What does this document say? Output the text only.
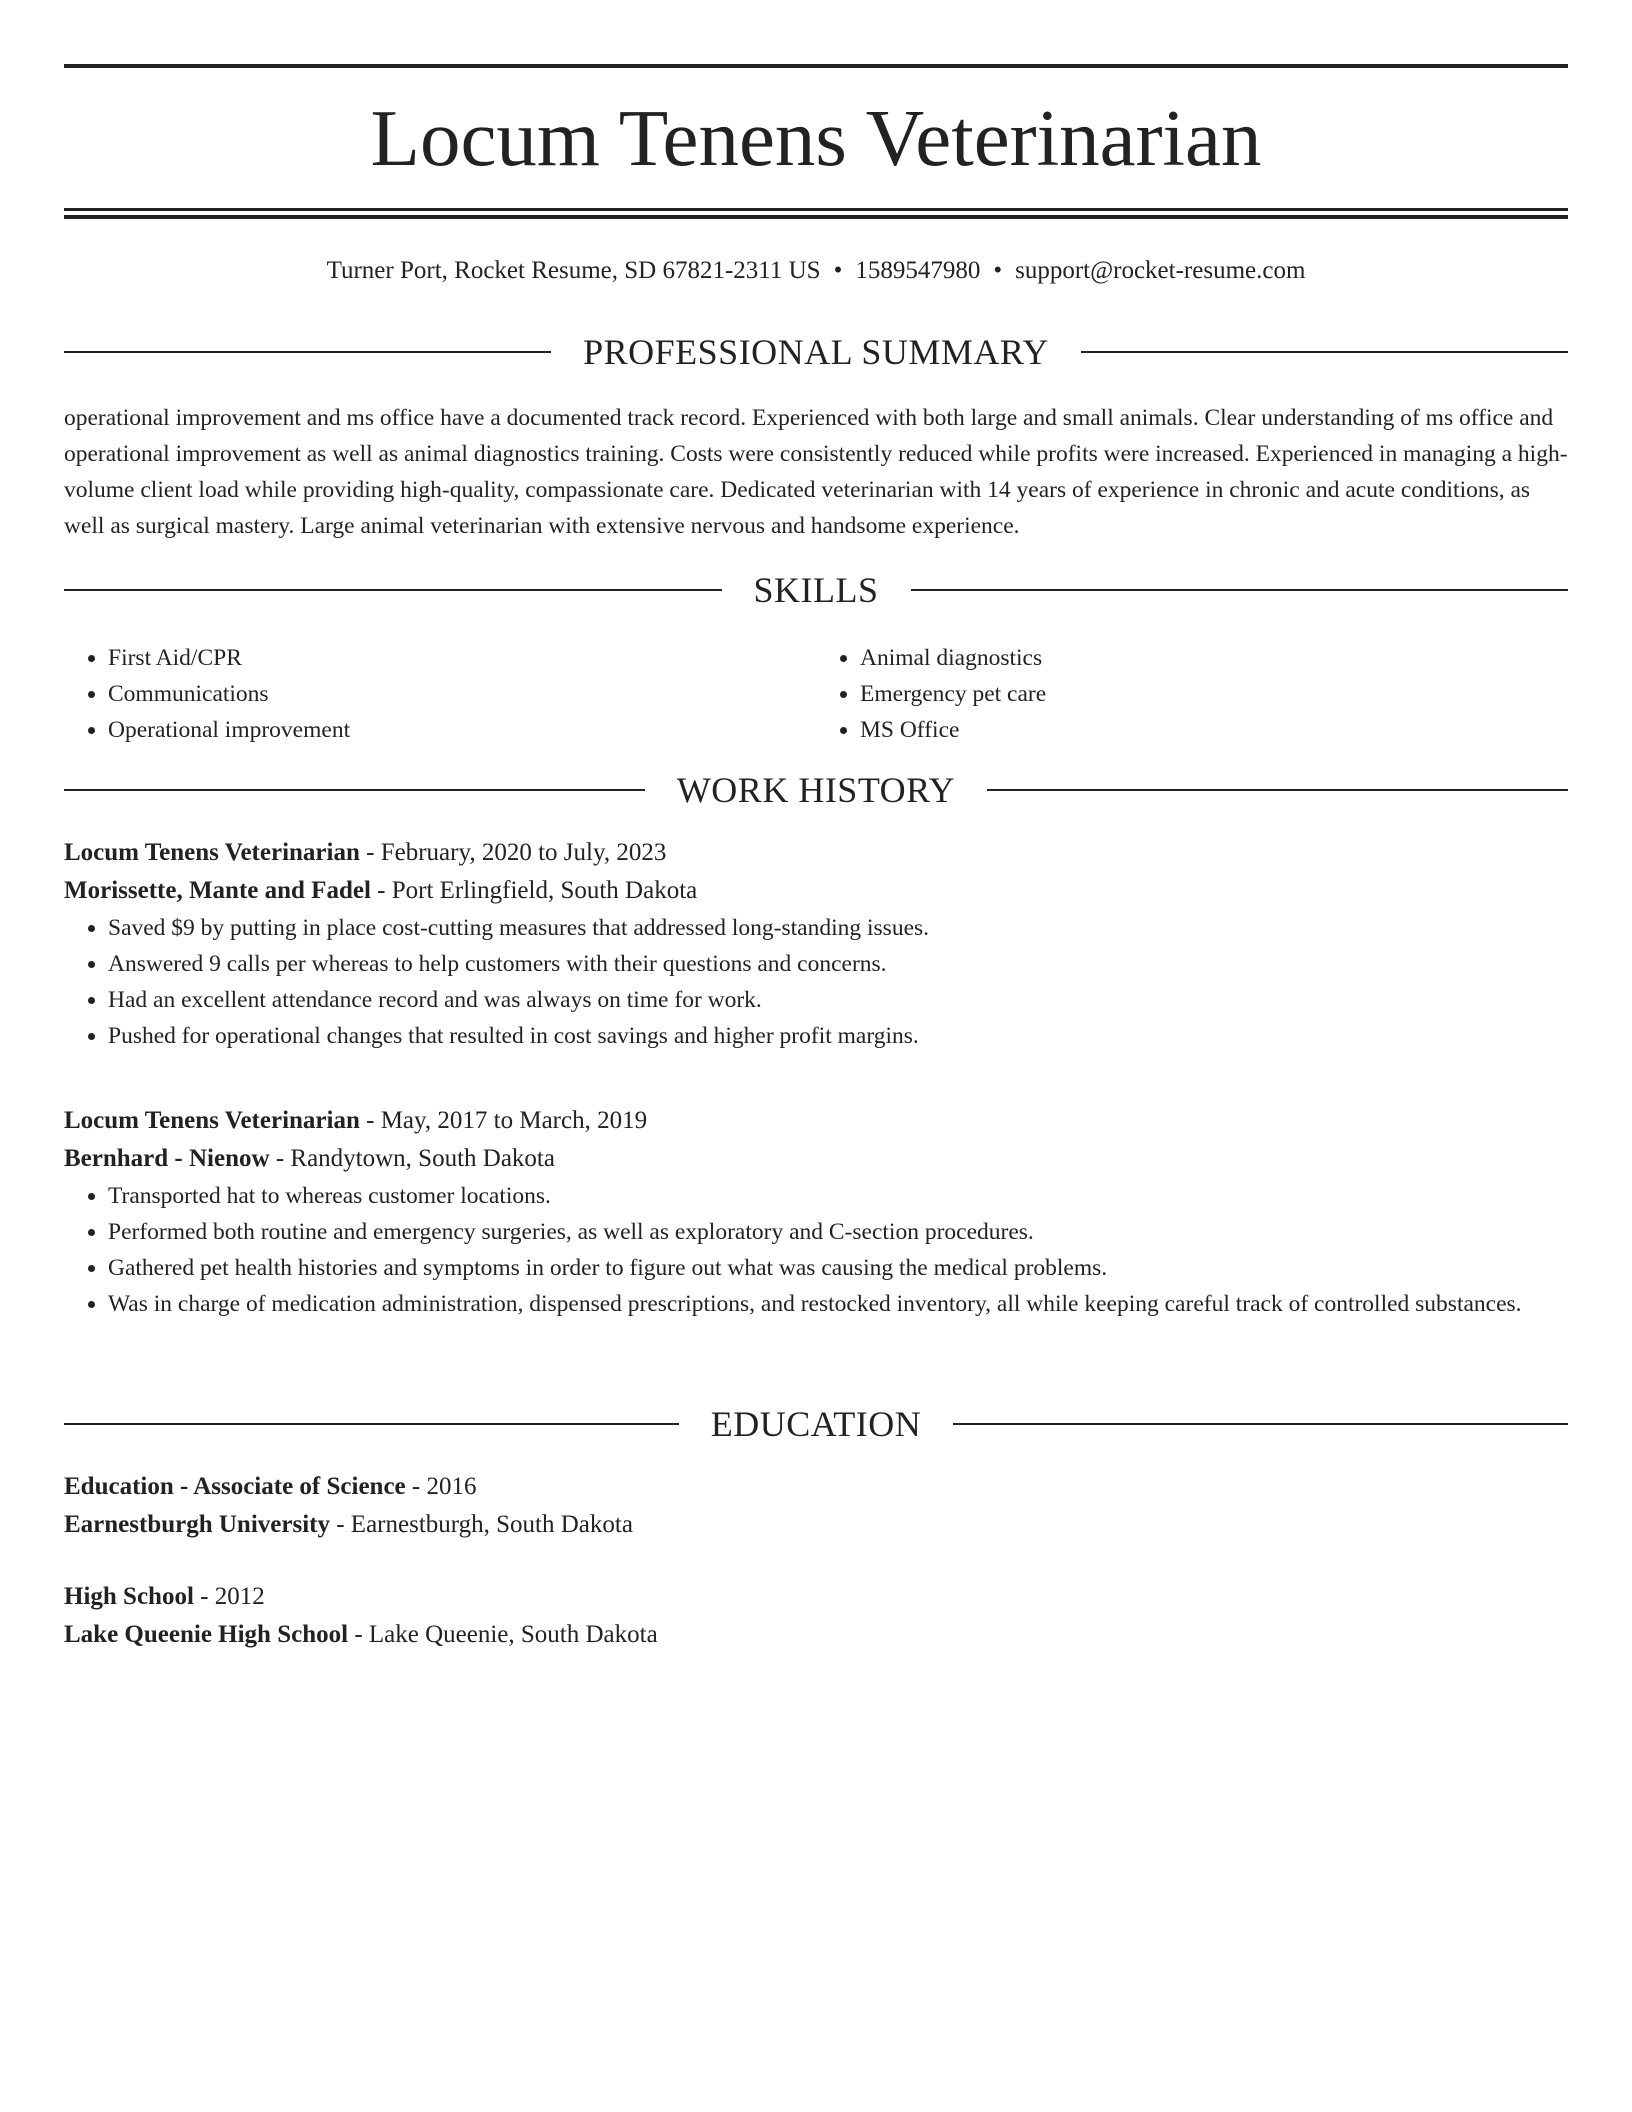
Locum Tenens Veterinarian
Turner Port, Rocket Resume, SD 67821-2311 US • 1589547980 • support@rocket-resume.com
PROFESSIONAL SUMMARY

operational improvement and ms office have a documented track record. Experienced with both large and small animals. Clear understanding of ms office and operational improvement as well as animal diagnostics training. Costs were consistently reduced while profits were increased. Experienced in managing a high-volume client load while providing high-quality, compassionate care. Dedicated veterinarian with 14 years of experience in chronic and acute conditions, as well as surgical mastery. Large animal veterinarian with extensive nervous and handsome experience.

SKILLS
• First Aid/CPR
• Communications
• Operational improvement
• Animal diagnostics
• Emergency pet care
• MS Office
WORK HISTORY
Locum Tenens Veterinarian - February, 2020 to July, 2023
Morissette, Mante and Fadel - Port Erlingfield, South Dakota
• Saved $9 by putting in place cost-cutting measures that addressed long-standing issues.
• Answered 9 calls per whereas to help customers with their questions and concerns.
• Had an excellent attendance record and was always on time for work.
• Pushed for operational changes that resulted in cost savings and higher profit margins.
Locum Tenens Veterinarian - May, 2017 to March, 2019
Bernhard - Nienow - Randytown, South Dakota
• Transported hat to whereas customer locations.
• Performed both routine and emergency surgeries, as well as exploratory and C-section procedures.
• Gathered pet health histories and symptoms in order to figure out what was causing the medical problems.
• Was in charge of medication administration, dispensed prescriptions, and restocked inventory, all while keeping careful track of controlled substances.
EDUCATION
Education - Associate of Science - 2016
Earnestburgh University - Earnestburgh, South Dakota
High School - 2012
Lake Queenie High School - Lake Queenie, South Dakota
